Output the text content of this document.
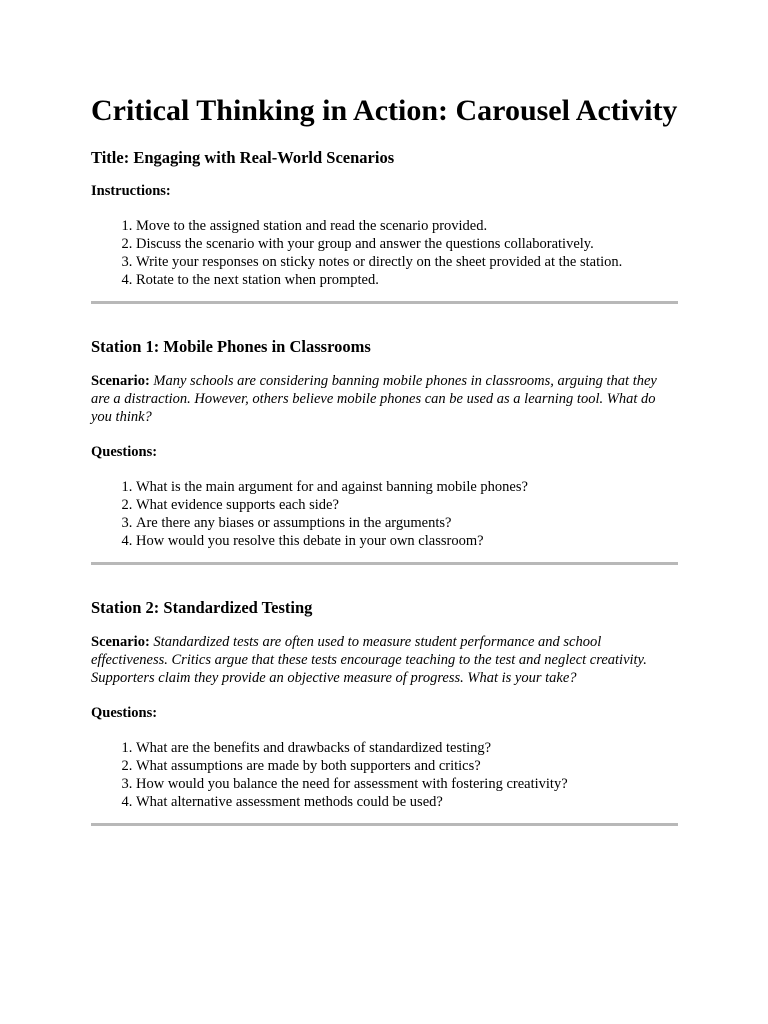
Critical Thinking in Action: Carousel Activity
Title: Engaging with Real-World Scenarios
Instructions:
1. Move to the assigned station and read the scenario provided.
2. Discuss the scenario with your group and answer the questions collaboratively.
3. Write your responses on sticky notes or directly on the sheet provided at the station.
4. Rotate to the next station when prompted.
Station 1: Mobile Phones in Classrooms

Scenario: Many schools are considering banning mobile phones in classrooms, arguing that they are a distraction. However, others believe mobile phones can be used as a learning tool. What do you think?

Questions:
1. What is the main argument for and against banning mobile phones?
2. What evidence supports each side?
3. Are there any biases or assumptions in the arguments?
4. How would you resolve this debate in your own classroom?
Station 2: Standardized Testing

Scenario: Standardized tests are often used to measure student performance and school effectiveness. Critics argue that these tests encourage teaching to the test and neglect creativity. Supporters claim they provide an objective measure of progress. What is your take?

Questions:
1. What are the benefits and drawbacks of standardized testing?
2. What assumptions are made by both supporters and critics?
3. How would you balance the need for assessment with fostering creativity?
4. What alternative assessment methods could be used?
